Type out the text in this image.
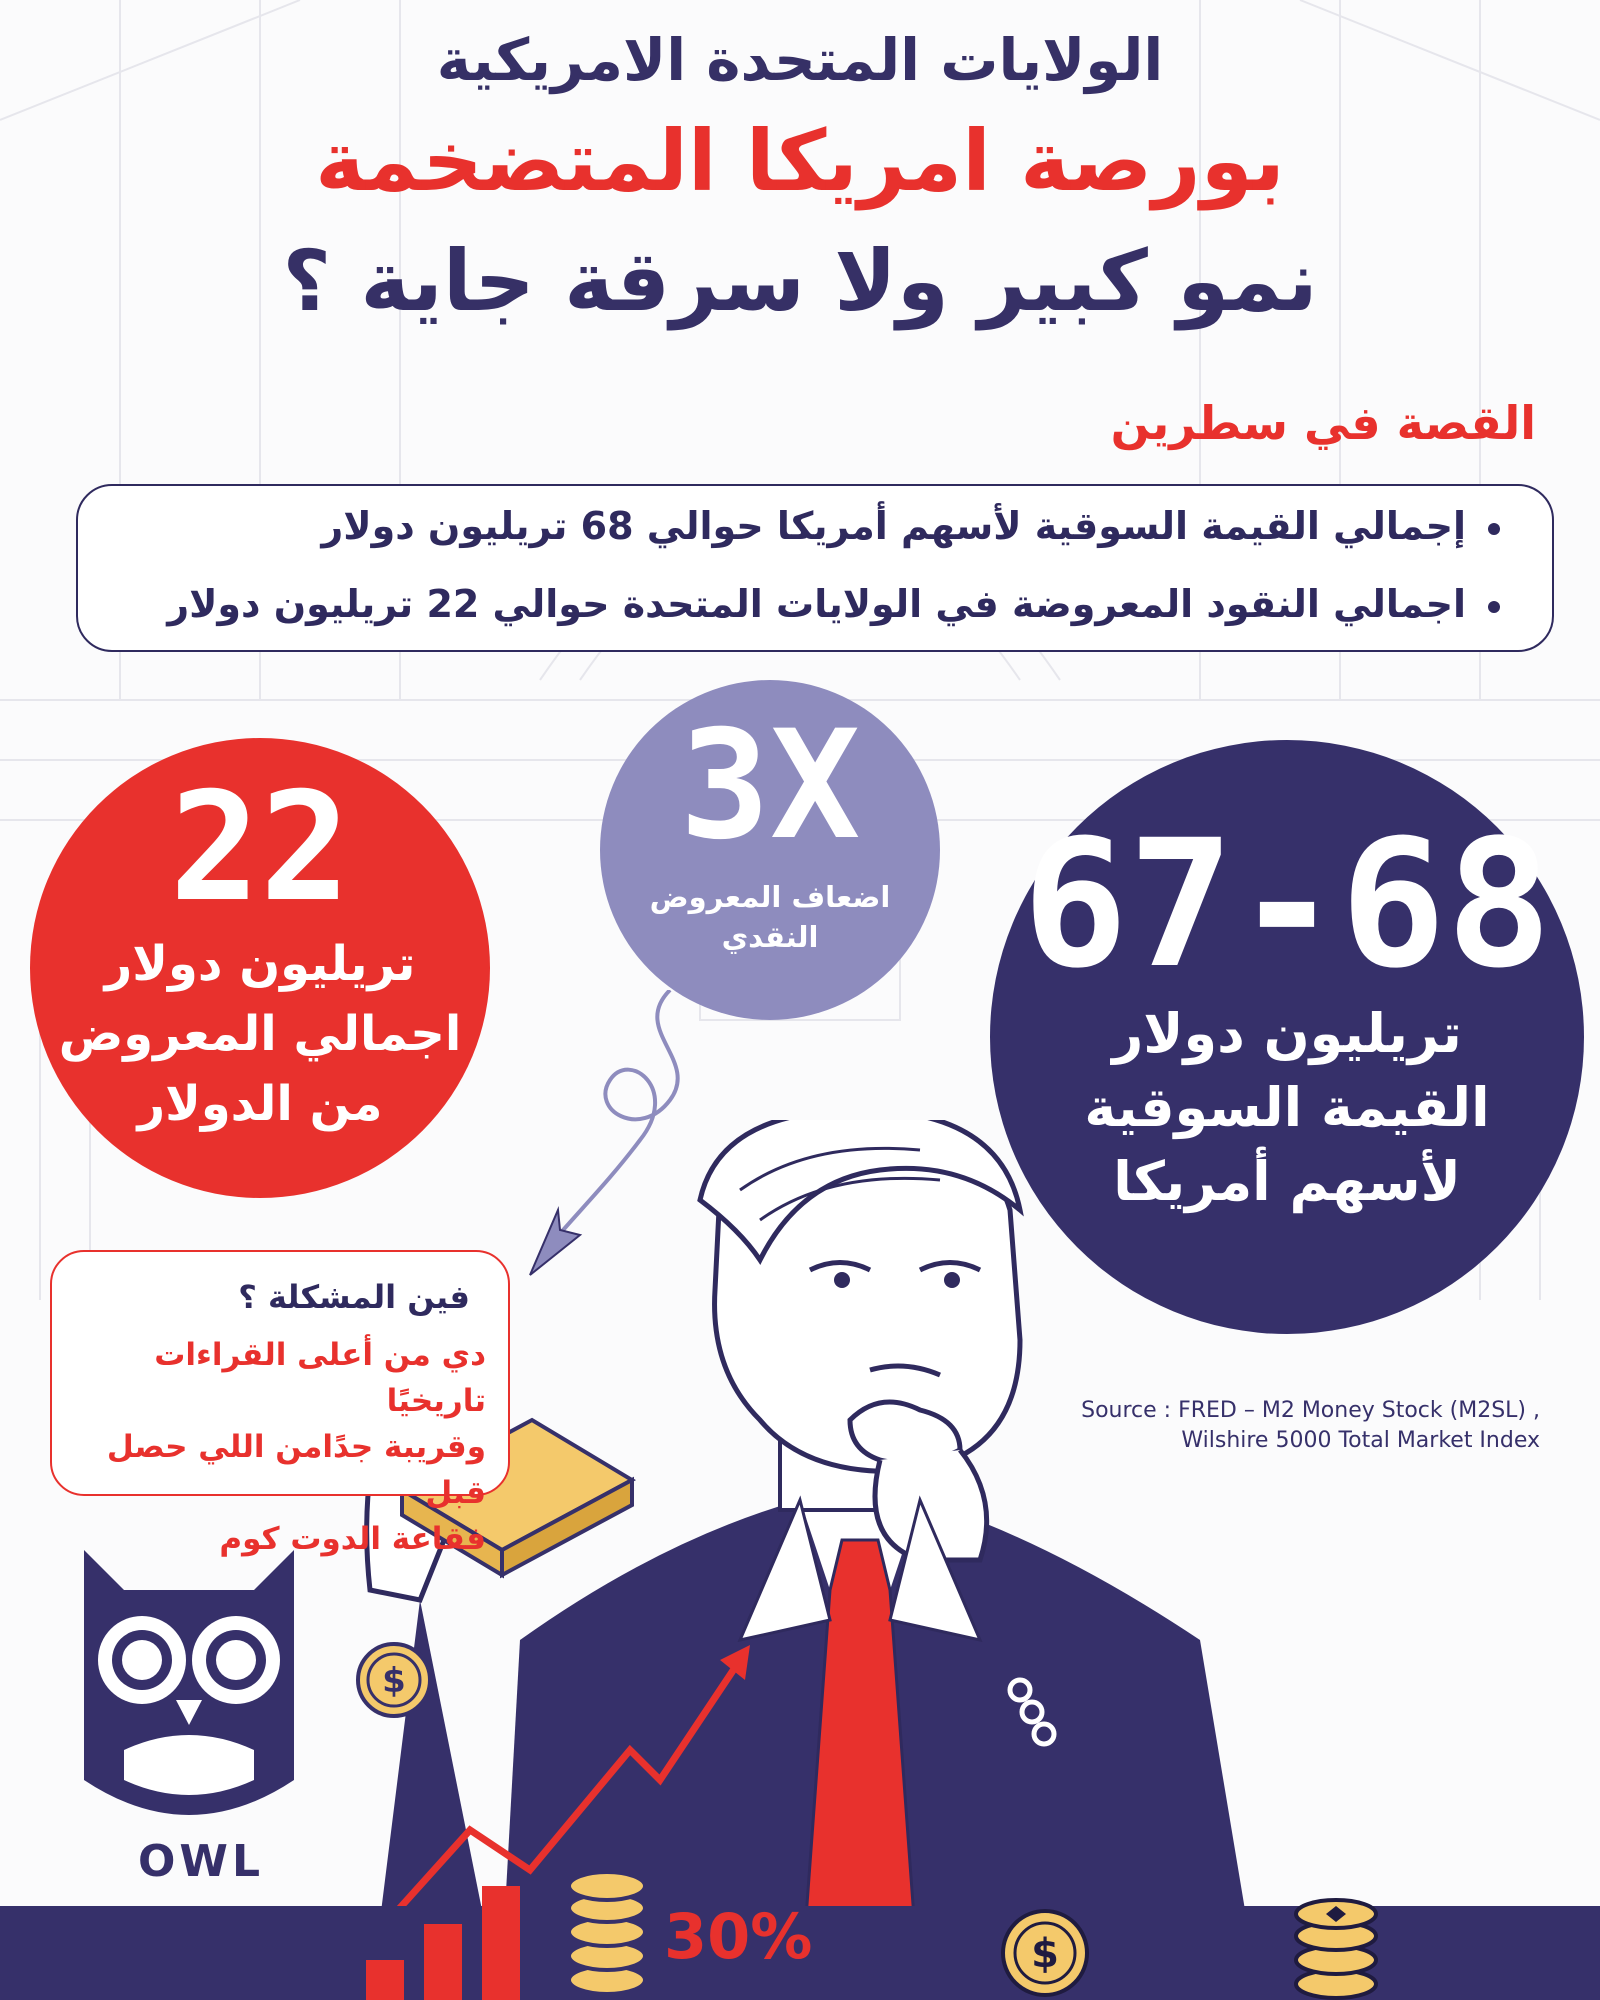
الولايات المتحدة الامريكية
بورصة امريكا المتضخمة
نمو كبير ولا سرقة جاية ؟
القصة في سطرين
إجمالي القيمة السوقية لأسهم أمريكا حوالي 68 تريليون دولار
اجمالي النقود المعروضة في الولايات المتحدة حوالي 22 تريليون دولار
3X
اضعاف المعروض
النقدي
22
تريليون دولار
اجمالي المعروض
من الدولار
67-68
تريليون دولار
القيمة السوقية
لأسهم أمريكا
فين المشكلة ؟
دي من أعلى القراءات تاريخيًا
وقريبة جدًامن اللي حصل قبل
فقاعة الدوت كوم
Source : FRED – M2 Money Stock (M2SL) ,
Wilshire 5000 Total Market Index
OWL
$
30%	$
